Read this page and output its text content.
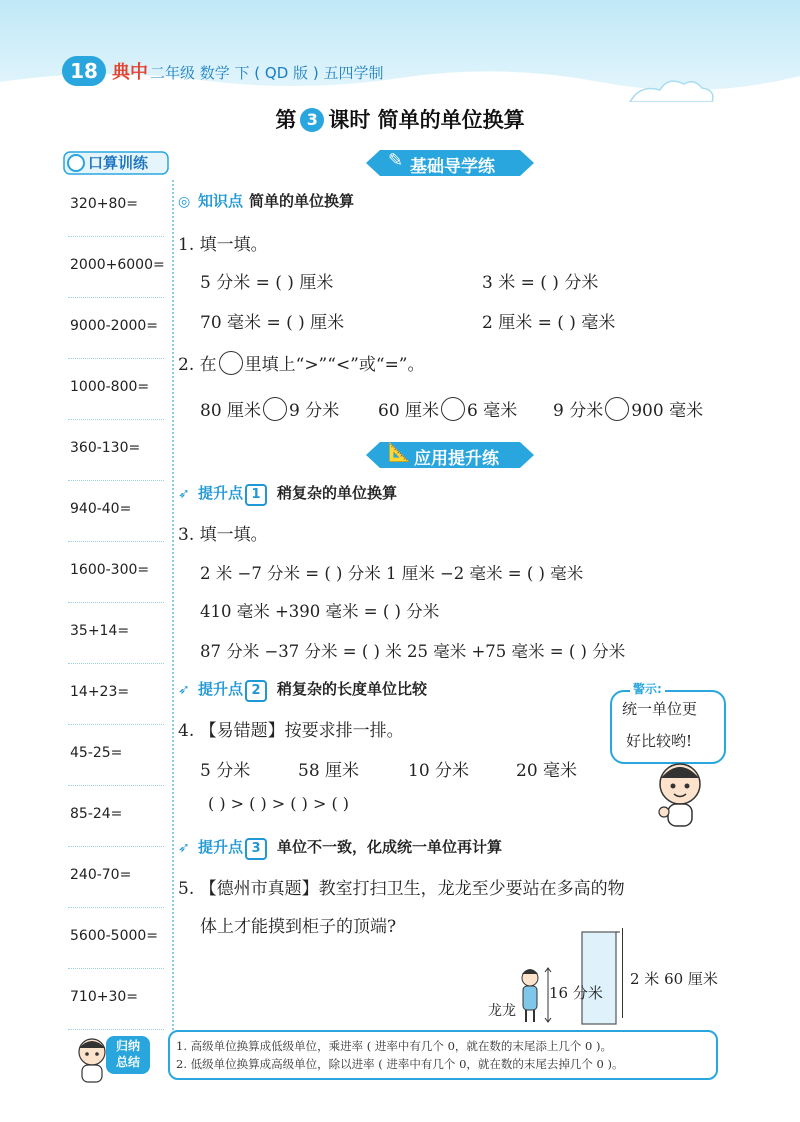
18 典中 二年级 数学 下 ( QD 版 ) 五四学制
第 3 课时 简单的单位换算
口算训练
320+80=
2000+6000=
9000-2000=
1000-800=
360-130=
940-40=
1600-300=
35+14=
14+23=
45-25=
85-24=
240-70=
5600-5000=
710+30=
基础导学练
✎
应用提升练
📐
◎ 知识点 简单的单位换算
1. 填一填。
5 分米 = ( ) 厘米	3 米 = ( ) 分米
70 毫米 = ( ) 厘米	2 厘米 = ( ) 毫米
2. 在 里填上“>”“<”或“=”。
80 厘米 9 分米 60 厘米 6 毫米 9 分米 900 毫米
➶ 提升点 1 稍复杂的单位换算
3. 填一填。
2 米 −7 分米 = ( ) 分米 1 厘米 −2 毫米 = ( ) 毫米
410 毫米 +390 毫米 = ( ) 分米
87 分米 −37 分米 = ( ) 米 25 毫米 +75 毫米 = ( ) 分米
➶ 提升点 2 稍复杂的长度单位比较
4. 【易错题】按要求排一排。
5 分米	58 厘米	10 分米	20 毫米
( ) > ( ) > ( ) > ( )
警示:
统一单位更
好比较哟!
➶ 提升点 3 单位不一致，化成统一单位再计算
5. 【德州市真题】教室打扫卫生，龙龙至少要站在多高的物
体上才能摸到柜子的顶端?
16 分米
2 米 60 厘米
龙龙
归纳
总结
1. 高级单位换算成低级单位，乘进率 ( 进率中有几个 0，就在数的末尾添上几个 0 )。
2. 低级单位换算成高级单位，除以进率 ( 进率中有几个 0，就在数的末尾去掉几个 0 )。
